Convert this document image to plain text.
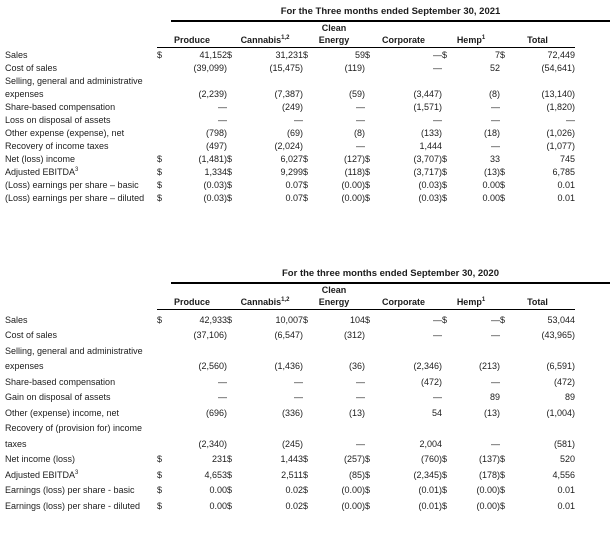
	For the Three months ended September 30, 2021						

			Clean				

	Produce	Cannabis$^{1,2}$	Energy	Corporate	Hemp$^1$	Total	

Sales	$ 41,152	$ 31,231	$ 59	$ —	$ 7	$ 72,449	

Cost of sales	(39,099)	(15,475)	(119)	—	52	(54,641)	

Selling, general and administrative							
expenses	(2,239)	(7,387)	(59)	(3,447)	(8)	(13,140)	

Share-based compensation	—	(249)	—	(1,571)	—	(1,820)	

Loss on disposal of assets	—	—	—	—	—	—	

Other expense (expense), net	(798)	(69)	(8)	(133)	(18)	(1,026)	

Recovery of income taxes	(497)	(2,024)	—	1,444	—	(1,077)	

Net (loss) income	$ (1,481)	$ 6,027	$ (127)	$ (3,707)	$ 33	745	

Adjusted EBITDA$^3$	$ 1,334	$ 9,299	$ (118)	$ (3,717)	$ (13)	$ 6,785	

(Loss) earnings per share – basic	$ (0.03)	$ 0.07	$ (0.00)	$ (0.03)	$ 0.00	$ 0.01	

(Loss) earnings per share – diluted	$ (0.03)	$ 0.07	$ (0.00)	$ (0.03)	$ 0.00	$ 0.01	

	For the three months ended September 30, 2020						

			Clean				

	Produce	Cannabis$^{1,2}$	Energy	Corporate	Hemp$^1$	Total	

Sales	$ 42,933	$ 10,007	$ 104	$ —	$ —	$ 53,044	

Cost of sales	(37,106)	(6,547)	(312)	—	—	(43,965)	

Selling, general and administrative							
expenses	(2,560)	(1,436)	(36)	(2,346)	(213)	(6,591)	

Share-based compensation	—	—	—	(472)	—	(472)	

Gain on disposal of assets	—	—	—	—	89	89	

Other (expense) income, net	(696)	(336)	(13)	54	(13)	(1,004)	

Recovery of (provision for) income							
taxes	(2,340)	(245)	—	2,004	—	(581)	

Net income (loss)	$ 231	$ 1,443	$ (257)	$ (760)	$ (137)	$ 520	

Adjusted EBITDA$^3$	$ 4,653	$ 2,511	$ (85)	$ (2,345)	$ (178)	$ 4,556	

Earnings (loss) per share - basic	$ 0.00	$ 0.02	$ (0.00)	$ (0.01)	$ (0.00)	$ 0.01	

Earnings (loss) per share - diluted	$ 0.00	$ 0.02	$ (0.00)	$ (0.01)	$ (0.00)	$ 0.01	
